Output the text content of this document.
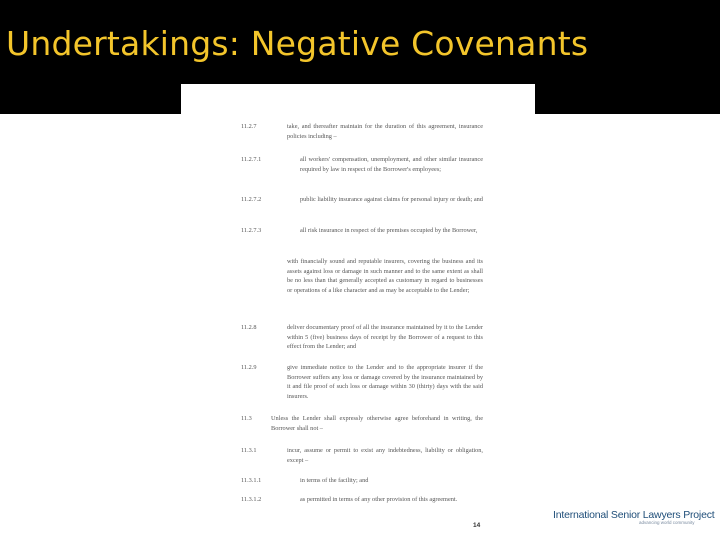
Undertakings: Negative Covenants
11.2.7	take, and thereafter maintain for the duration of this agreement, insurance policies including –
11.2.7.1	all workers' compensation, unemployment, and other similar insurance required by law in respect of the Borrower's employees;
11.2.7.2	public liability insurance against claims for personal injury or death; and
11.2.7.3	all risk insurance in respect of the premises occupied by the Borrower,
with financially sound and reputable insurers, covering the business and its assets against loss or damage in such manner and to the same extent as shall be no less than that generally accepted as customary in regard to businesses or operations of a like character and as may be acceptable to the Lender;
11.2.8	deliver documentary proof of all the insurance maintained by it to the Lender within 5 (five) business days of receipt by the Borrower of a request to this effect from the Lender; and
11.2.9	give immediate notice to the Lender and to the appropriate insurer if the Borrower suffers any loss or damage covered by the insurance maintained by it and file proof of such loss or damage within 30 (thirty) days with the said insurers.
11.3	Unless the Lender shall expressly otherwise agree beforehand in writing, the Borrower shall not –
11.3.1	incur, assume or permit to exist any indebtedness, liability or obligation, except –
11.3.1.1	in terms of the facility; and
11.3.1.2	as permitted in terms of any other provision of this agreement.
14
International Senior Lawyers Project
advancing world community
